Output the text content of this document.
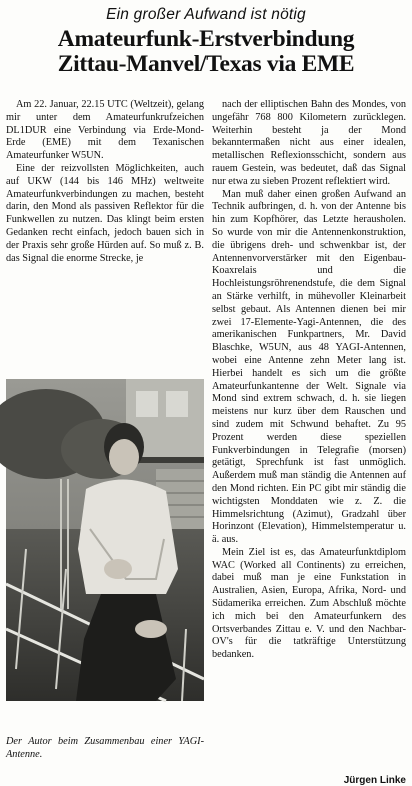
Ein großer Aufwand ist nötig
Amateurfunk-Erstverbindung
Zittau-Manvel/Texas via EME

Am 22. Januar, 22.15 UTC (Weltzeit), gelang mir unter dem Amateurfunkrufzeichen DL1DUR eine Verbindung via Erde-Mond-Erde (EME) mit dem Texanischen Amateurfunker W5UN.

Eine der reizvollsten Möglichkeiten, auch auf UKW (144 bis 146 MHz) weltweite Amateurfunkverbindungen zu machen, besteht darin, den Mond als passiven Reflektor für die Funkwellen zu nutzen. Das klingt beim ersten Gedanken recht einfach, jedoch bauen sich in der Praxis sehr große Hürden auf. So muß z. B. das Signal die enorme Strecke, je

Der Autor beim Zusammenbau einer YAGI-Antenne.

nach der elliptischen Bahn des Mondes, von ungefähr 768 800 Kilometern zurücklegen. Weiterhin besteht ja der Mond bekanntermaßen nicht aus einer idealen, metallischen Reflexionsschicht, sondern aus rauem Gestein, was bedeutet, daß das Signal nur etwa zu sieben Prozent reflektiert wird.

Man muß daher einen großen Aufwand an Technik aufbringen, d. h. von der Antenne bis hin zum Kopfhörer, das Letzte herausholen. So wurde von mir die Antennenkonstruktion, die übrigens dreh- und schwenkbar ist, der Antennenvorverstärker mit den Eigenbau-Koaxrelais und die Hochleistungsröhrenendstufe, die dem Signal an Stärke verhilft, in mühevoller Kleinarbeit selbst gebaut. Als Antennen dienen bei mir zwei 17-Elemente-Yagi-Antennen, die des amerikanischen Funkpartners, Mr. David Blaschke, W5UN, aus 48 YAGI-Antennen, wobei eine Antenne zehn Meter lang ist. Hierbei handelt es sich um die größte Amateurfunkantenne der Welt. Signale via Mond sind extrem schwach, d. h. sie liegen meistens nur kurz über dem Rauschen und sind zudem mit Schwund behaftet. Zu 95 Prozent werden diese speziellen Funkverbindungen in Telegrafie (morsen) getätigt, Sprechfunk ist fast unmöglich. Außerdem muß man ständig die Antennen auf den Mond richten. Ein PC gibt mir ständig die wichtigsten Monddaten wie z. Z. die Himmelsrichtung (Azimut), Gradzahl über Horinzont (Elevation), Himmelstemperatur u. ä. aus.

Mein Ziel ist es, das Amateurfunktdiplom WAC (Worked all Continents) zu erreichen, dabei muß man je eine Funkstation in Australien, Asien, Europa, Afrika, Nord- und Südamerika erreichen. Zum Abschluß möchte ich mich bei den Amateurfunkern des Ortsverbandes Zittau e. V. und den Nachbar-OV's für die tatkräftige Unterstützung bedanken.

Jürgen Linke
